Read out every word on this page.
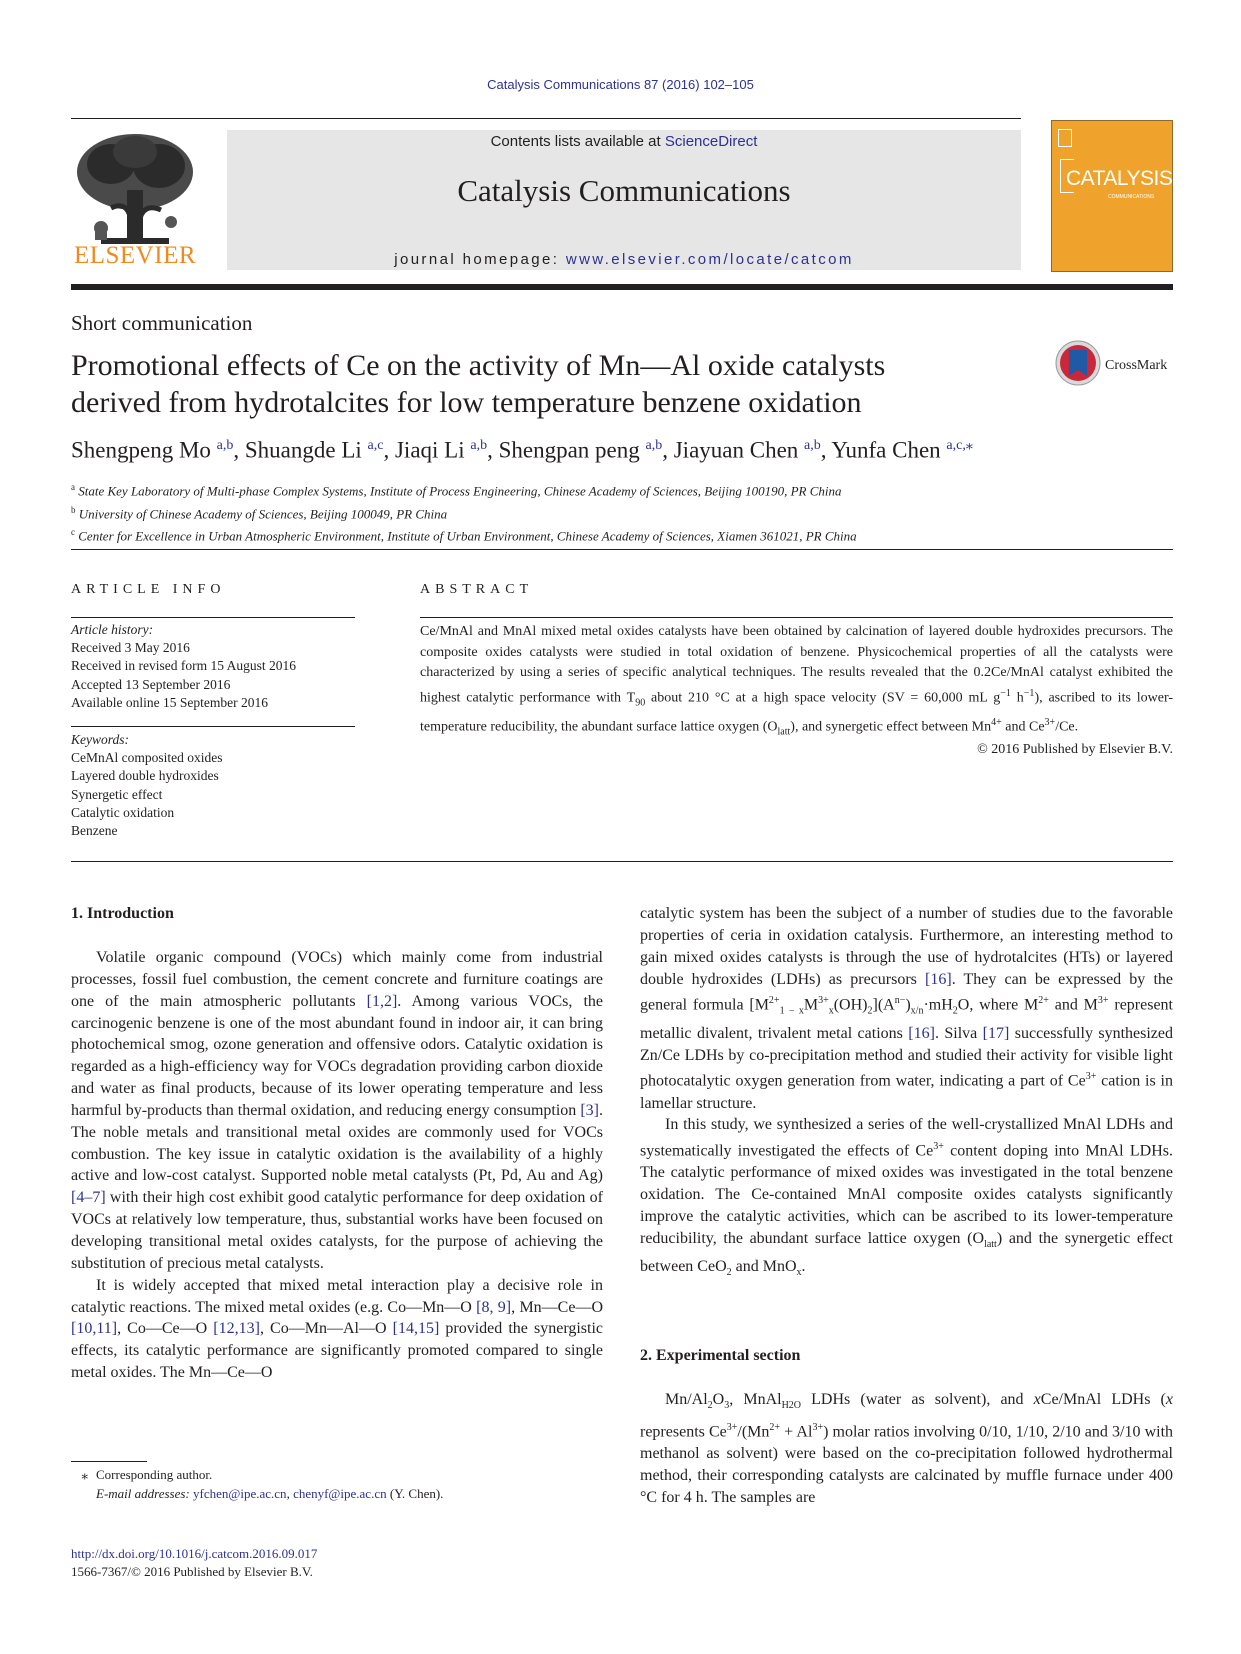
Catalysis Communications 87 (2016) 102–105
ELSEVIER
Contents lists available at ScienceDirect
Catalysis Communications
journal homepage: www.elsevier.com/locate/catcom
CATALYSIS
COMMUNICATIONS
Short communication
Promotional effects of Ce on the activity of Mn—Al oxide catalysts
derived from hydrotalcites for low temperature benzene oxidation
CrossMark
Shengpeng Mo $^{a,b}$, Shuangde Li $^{a,c}$, Jiaqi Li $^{a,b}$, Shengpan peng $^{a,b}$, Jiayuan Chen $^{a,b}$, Yunfa Chen $^{a,c,⁎}$
$^a$ State Key Laboratory of Multi-phase Complex Systems, Institute of Process Engineering, Chinese Academy of Sciences, Beijing 100190, PR China
$^b$ University of Chinese Academy of Sciences, Beijing 100049, PR China
$^c$ Center for Excellence in Urban Atmospheric Environment, Institute of Urban Environment, Chinese Academy of Sciences, Xiamen 361021, PR China
ARTICLE INFO	ABSTRACT
Article history:
Received 3 May 2016
Received in revised form 15 August 2016
Accepted 13 September 2016
Available online 15 September 2016
Keywords:
CeMnAl composited oxides
Layered double hydroxides
Synergetic effect
Catalytic oxidation
Benzene
Ce/MnAl and MnAl mixed metal oxides catalysts have been obtained by calcination of layered double hydroxides precursors. The composite oxides catalysts were studied in total oxidation of benzene. Physicochemical properties of all the catalysts were characterized by using a series of specific analytical techniques. The results revealed that the 0.2Ce/MnAl catalyst exhibited the highest catalytic performance with $T_{90}$ about 210 °C at a high space velocity (SV = 60,000 mL $g^{-1}$ $h^{-1}$), ascribed to its lower-temperature reducibility, the abundant surface lattice oxygen $(O_{latt})$, and synergetic effect between $Mn^{4+}$ and $Ce^{3+}/Ce$.
© 2016 Published by Elsevier B.V.
1. Introduction

Volatile organic compound (VOCs) which mainly come from industrial processes, fossil fuel combustion, the cement concrete and furniture coatings are one of the main atmospheric pollutants [1,2]. Among various VOCs, the carcinogenic benzene is one of the most abundant found in indoor air, it can bring photochemical smog, ozone generation and offensive odors. Catalytic oxidation is regarded as a high-efficiency way for VOCs degradation providing carbon dioxide and water as final products, because of its lower operating temperature and less harmful by-products than thermal oxidation, and reducing energy consumption [3]. The noble metals and transitional metal oxides are commonly used for VOCs combustion. The key issue in catalytic oxidation is the availability of a highly active and low-cost catalyst. Supported noble metal catalysts (Pt, Pd, Au and Ag) [4–7] with their high cost exhibit good catalytic performance for deep oxidation of VOCs at relatively low temperature, thus, substantial works have been focused on developing transitional metal oxides catalysts, for the purpose of achieving the substitution of precious metal catalysts.

It is widely accepted that mixed metal interaction play a decisive role in catalytic reactions. The mixed metal oxides (e.g. Co—Mn—O [8, 9], Mn—Ce—O [10,11], Co—Ce—O [12,13], Co—Mn—Al—O [14,15] provided the synergistic effects, its catalytic performance are significantly promoted compared to single metal oxides. The Mn—Ce—O

catalytic system has been the subject of a number of studies due to the favorable properties of ceria in oxidation catalysis. Furthermore, an interesting method to gain mixed oxides catalysts is through the use of hydrotalcites (HTs) or layered double hydroxides (LDHs) as precursors [16]. They can be expressed by the general formula $[M^{2+}_{1 - x}M^{3+}_x(OH)_2](A^{n-})_{x/n}\cdot mH_2O$, where $M^{2+}$ and $M^{3+}$ represent metallic divalent, trivalent metal cations [16]. Silva [17] successfully synthesized Zn/Ce LDHs by co-precipitation method and studied their activity for visible light photocatalytic oxygen generation from water, indicating a part of $Ce^{3+}$ cation is in lamellar structure.

In this study, we synthesized a series of the well-crystallized MnAl LDHs and systematically investigated the effects of $Ce^{3+}$ content doping into MnAl LDHs. The catalytic performance of mixed oxides was investigated in the total benzene oxidation. The Ce-contained MnAl composite oxides catalysts significantly improve the catalytic activities, which can be ascribed to its lower-temperature reducibility, the abundant surface lattice oxygen $(O_{latt})$ and the synergetic effect between CeO$_2$ and MnO$_x$.

2. Experimental section

$Mn/Al_2O_3$, MnAl$_{H2O}$ LDHs (water as solvent), and xCe/MnAl LDHs (x represents $Ce^{3+}/(Mn^{2+} + Al^{3+})$ molar ratios involving 0/10, 1/10, 2/10 and 3/10 with methanol as solvent) were based on the co-precipitation followed hydrothermal method, their corresponding catalysts are calcinated by muffle furnace under 400 °C for 4 h. The samples are

⁎ Corresponding author.
E-mail addresses: yfchen@ipe.ac.cn, chenyf@ipe.ac.cn (Y. Chen).
http://dx.doi.org/10.1016/j.catcom.2016.09.017
1566-7367/© 2016 Published by Elsevier B.V.
